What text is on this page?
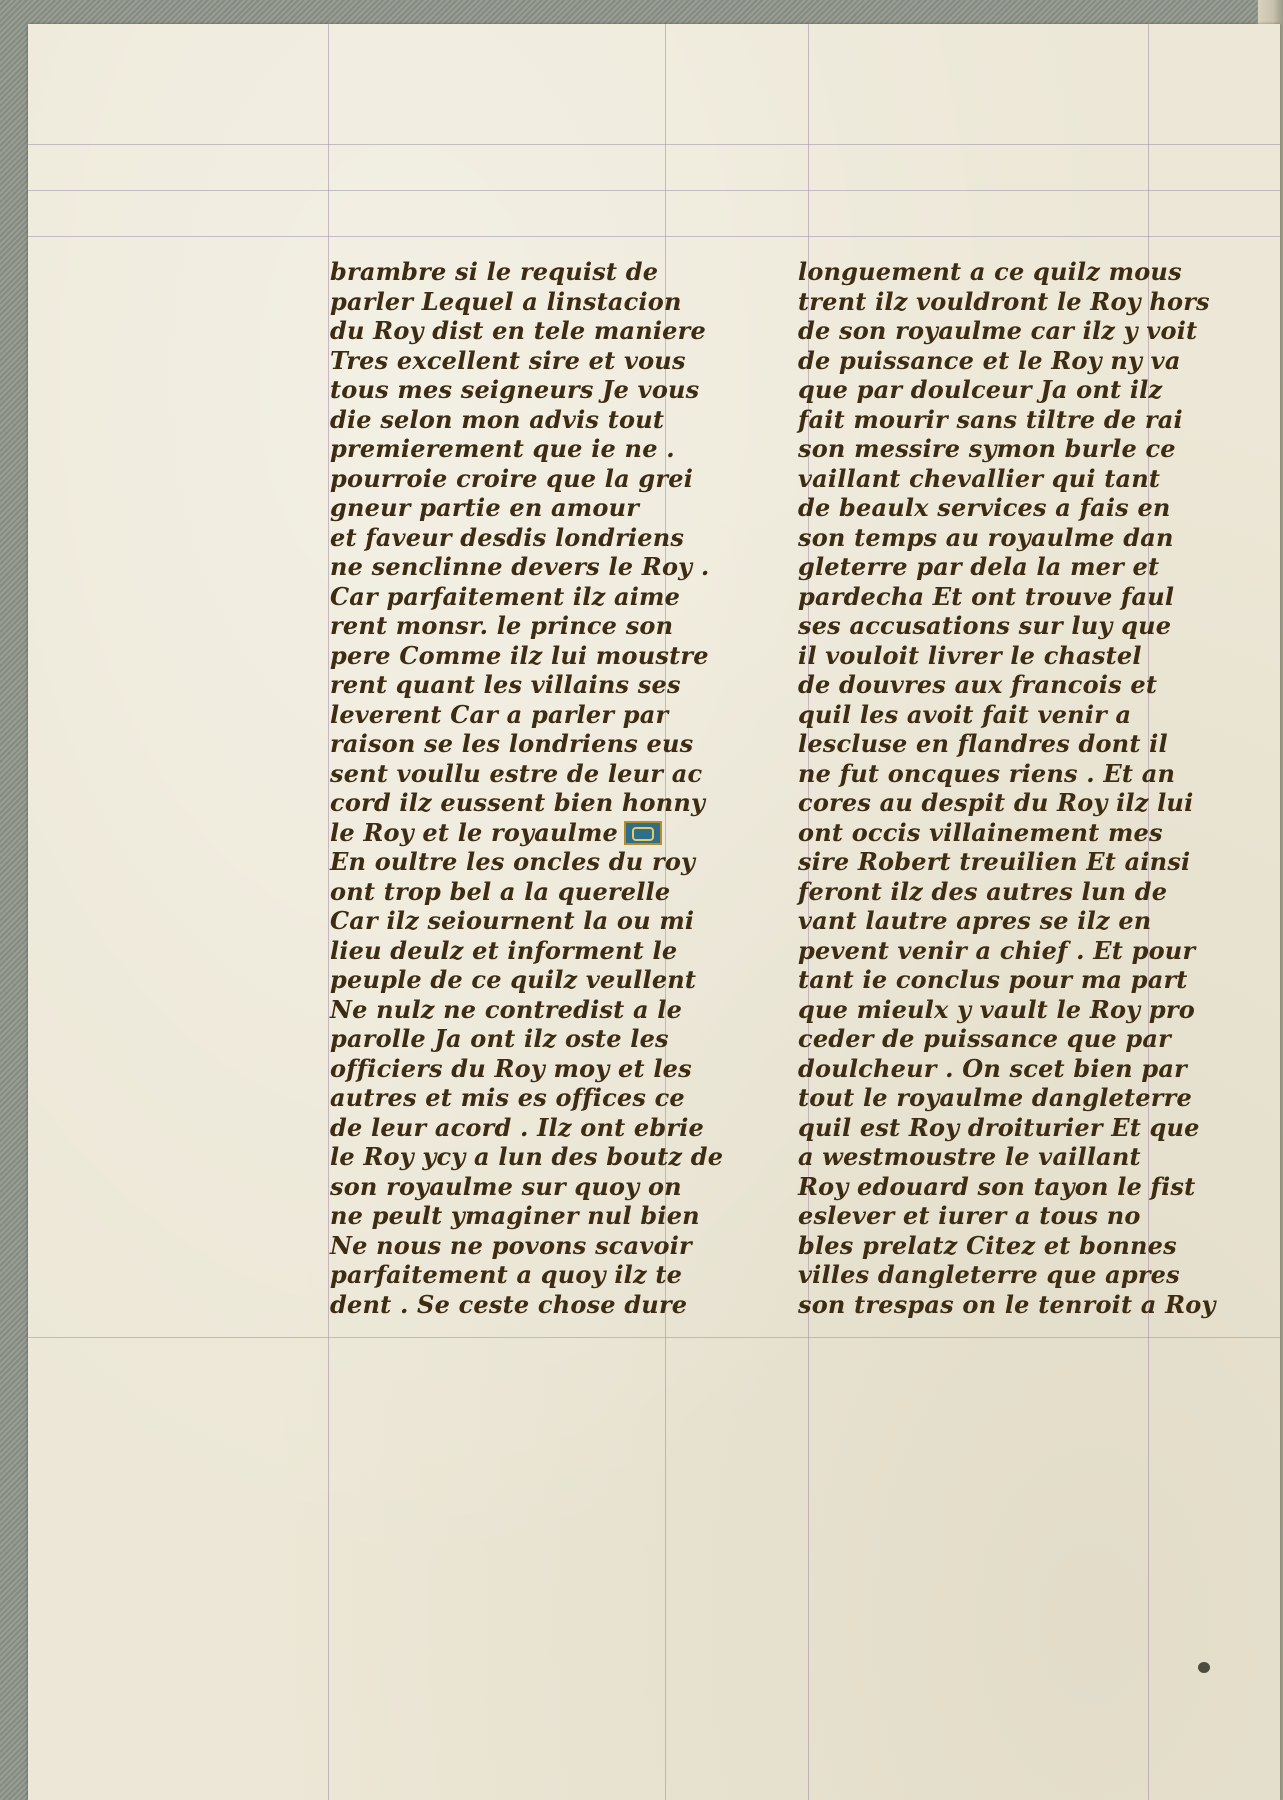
brambre si le requist de
parler Lequel a linstacion
du Roy dist en tele maniere
Tres excellent sire et vous
tous mes seigneurs Je vous
die selon mon advis tout
premierement que ie ne .
pourroie croire que la grei
gneur partie en amour
et faveur desdis londriens
ne senclinne devers le Roy .
Car parfaitement ilz aime
rent monsr. le prince son
pere Comme ilz lui moustre
rent quant les villains ses
leverent Car a parler par
raison se les londriens eus
sent voullu estre de leur ac
cord ilz eussent bien honny
le Roy et le royaulme
En oultre les oncles du roy
ont trop bel a la querelle
Car ilz seiournent la ou mi
lieu deulz et informent le
peuple de ce quilz veullent
Ne nulz ne contredist a le
parolle Ja ont ilz oste les
officiers du Roy moy et les
autres et mis es offices ce
de leur acord . Ilz ont ebrie
le Roy ycy a lun des boutz de
son royaulme sur quoy on
ne peult ymaginer nul bien
Ne nous ne povons scavoir
parfaitement a quoy ilz te
dent . Se ceste chose dure
longuement a ce quilz mous
trent ilz vouldront le Roy hors
de son royaulme car ilz y voit
de puissance et le Roy ny va
que par doulceur Ja ont ilz
fait mourir sans tiltre de rai
son messire symon burle ce
vaillant chevallier qui tant
de beaulx services a fais en
son temps au royaulme dan
gleterre par dela la mer et
pardecha Et ont trouve faul
ses accusations sur luy que
il vouloit livrer le chastel
de douvres aux francois et
quil les avoit fait venir a
lescluse en flandres dont il
ne fut oncques riens . Et an
cores au despit du Roy ilz lui
ont occis villainement mes
sire Robert treuilien Et ainsi
feront ilz des autres lun de
vant lautre apres se ilz en
pevent venir a chief . Et pour
tant ie conclus pour ma part
que mieulx y vault le Roy pro
ceder de puissance que par
doulcheur . On scet bien par
tout le royaulme dangleterre
quil est Roy droiturier Et que
a westmoustre le vaillant
Roy edouard son tayon le fist
eslever et iurer a tous no
bles prelatz Citez et bonnes
villes dangleterre que apres
son trespas on le tenroit a Roy
